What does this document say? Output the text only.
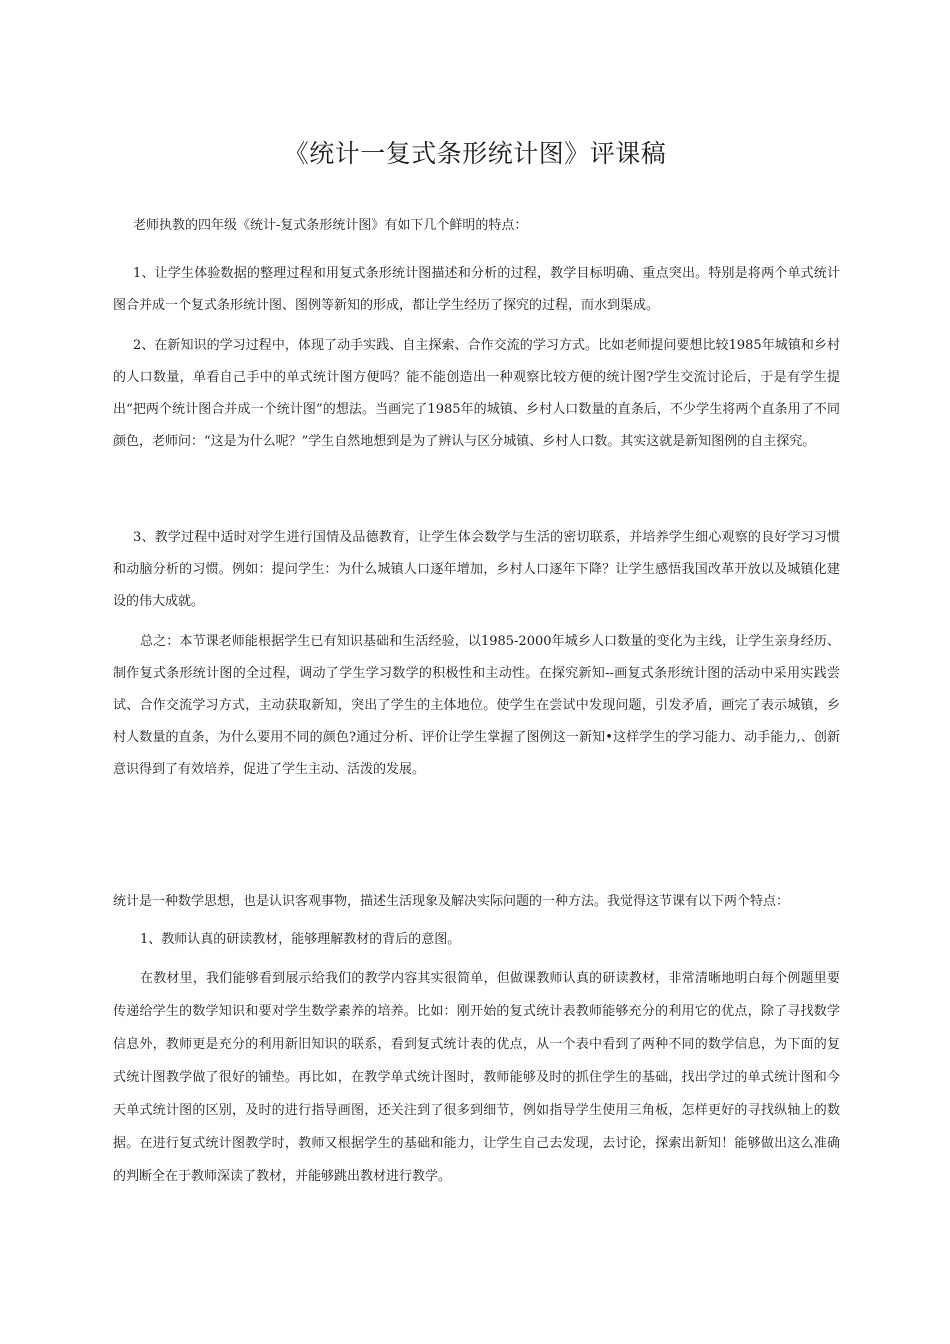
《统计一复式条形统计图》评课稿

老师执教的四年级《统计-复式条形统计图》有如下几个鲜明的特点：

1、让学生体验数据的整理过程和用复式条形统计图描述和分析的过程，教学目标明确、重点突出。特别是将两个单式统计图合并成一个复式条形统计图、图例等新知的形成，都让学生经历了探究的过程，而水到渠成。

2、在新知识的学习过程中，体现了动手实践、自主探索、合作交流的学习方式。比如老师提问要想比较1985年城镇和乡村的人口数量，单看自己手中的单式统计图方便吗？能不能创造出一种观察比较方便的统计图?学生交流讨论后，于是有学生提出“把两个统计图合并成一个统计图”的想法。当画完了1985年的城镇、乡村人口数量的直条后，不少学生将两个直条用了不同颜色，老师问：“这是为什么呢？”学生自然地想到是为了辨认与区分城镇、乡村人口数。其实这就是新知图例的自主探究。

3、教学过程中适时对学生进行国情及品德教育，让学生体会数学与生活的密切联系，并培养学生细心观察的良好学习习惯和动脑分析的习惯。例如：提问学生：为什么城镇人口逐年增加，乡村人口逐年下降？让学生感悟我国改革开放以及城镇化建设的伟大成就。

总之：本节课老师能根据学生已有知识基础和生活经验，以1985-2000年城乡人口数量的变化为主线，让学生亲身经历、制作复式条形统计图的全过程，调动了学生学习数学的积极性和主动性。在探究新知--画复式条形统计图的活动中采用实践尝试、合作交流学习方式，主动获取新知，突出了学生的主体地位。使学生在尝试中发现问题，引发矛盾，画完了表示城镇，乡村人数量的直条，为什么要用不同的颜色?通过分析、评价让学生掌握了图例这一新知•这样学生的学习能力、动手能力,、创新意识得到了有效培养，促进了学生主动、活泼的发展。

统计是一种数学思想，也是认识客观事物，描述生活现象及解决实际问题的一种方法。我觉得这节课有以下两个特点：

1、教师认真的研读教材，能够理解教材的背后的意图。

在教材里，我们能够看到展示给我们的教学内容其实很简单，但做课教师认真的研读教材，非常清晰地明白每个例题里要传递给学生的数学知识和要对学生数学素养的培养。比如：刚开始的复式统计表教师能够充分的利用它的优点，除了寻找数学信息外，教师更是充分的利用新旧知识的联系，看到复式统计表的优点，从一个表中看到了两种不同的数学信息，为下面的复式统计图教学做了很好的铺垫。再比如，在教学单式统计图时，教师能够及时的抓住学生的基础，找出学过的单式统计图和今天单式统计图的区别，及时的进行指导画图，还关注到了很多到细节，例如指导学生使用三角板，怎样更好的寻找纵轴上的数据。在进行复式统计图教学时，教师又根据学生的基础和能力，让学生自己去发现，去讨论，探索出新知！能够做出这么准确的判断全在于教师深读了教材，并能够跳出教材进行教学。
